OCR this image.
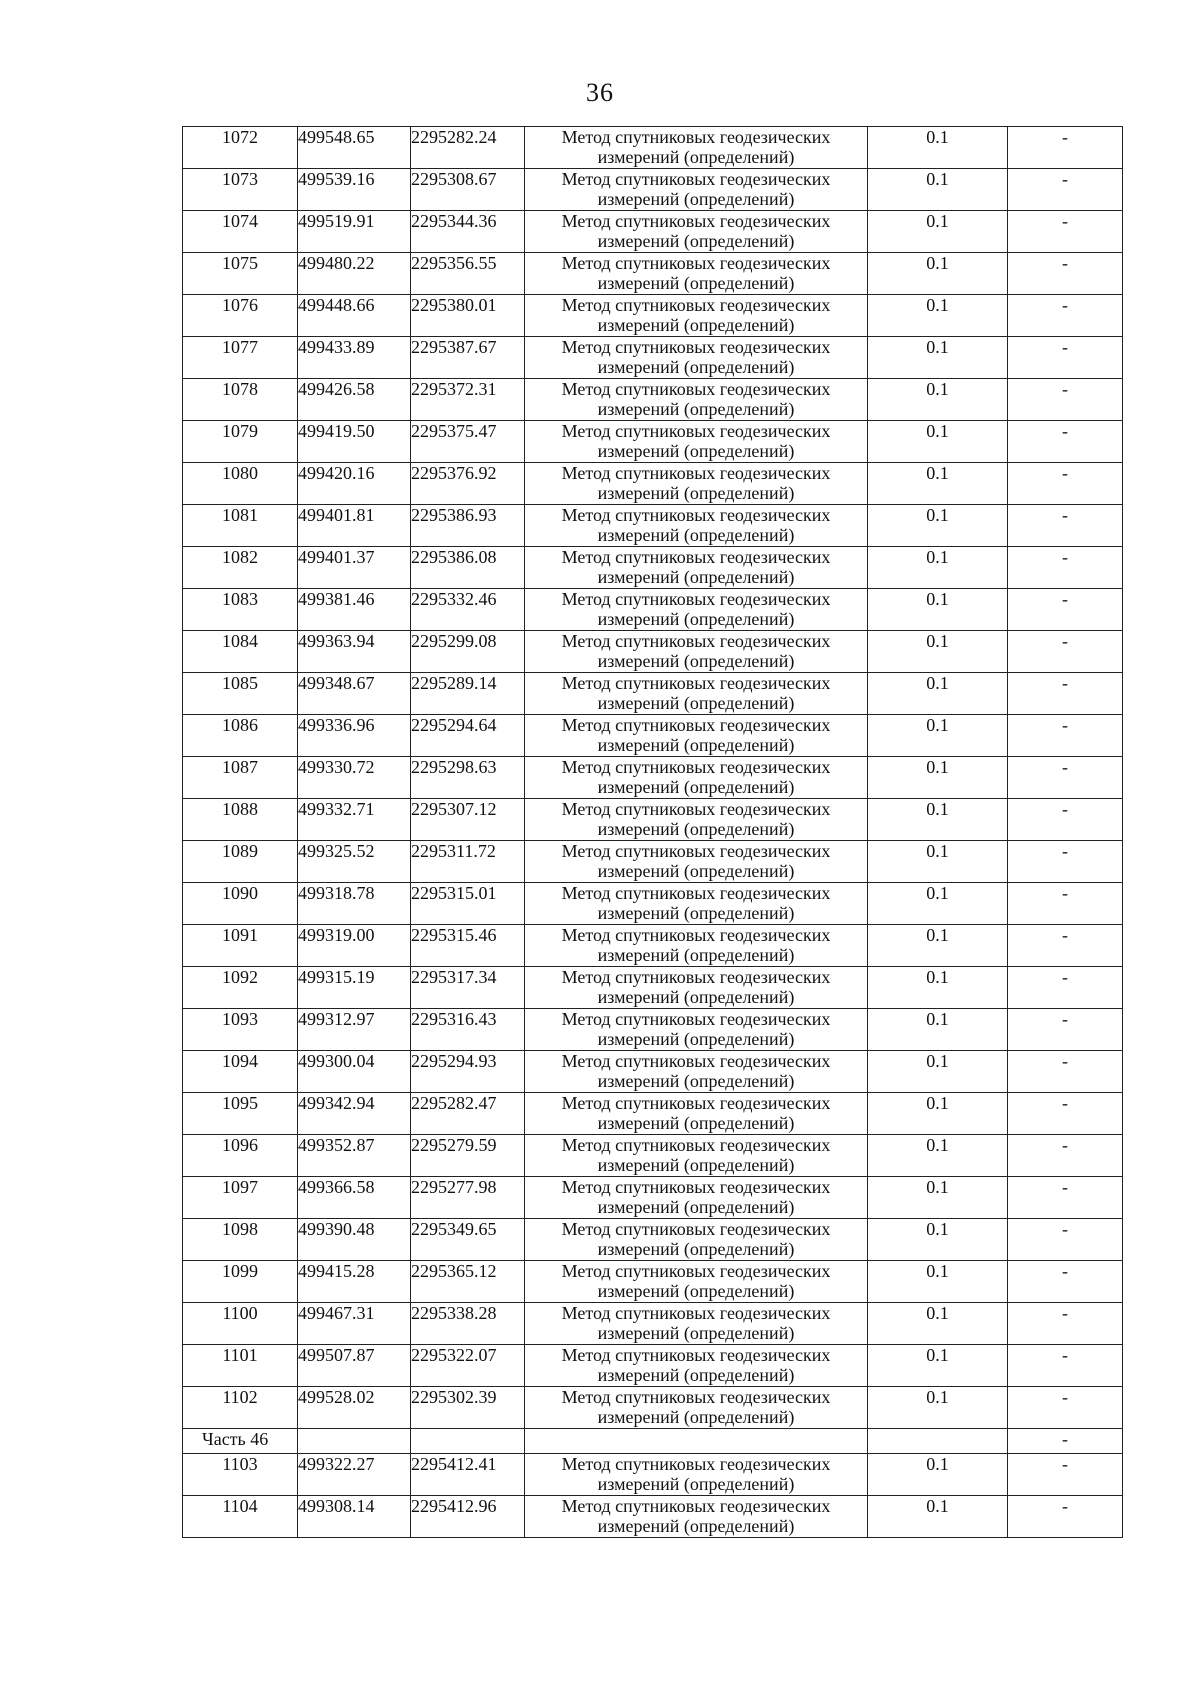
36
1072	499548.65	2295282.24	Метод спутниковых геодезических измерений (определений)	0.1	-
1073	499539.16	2295308.67	Метод спутниковых геодезических измерений (определений)	0.1	-
1074	499519.91	2295344.36	Метод спутниковых геодезических измерений (определений)	0.1	-
1075	499480.22	2295356.55	Метод спутниковых геодезических измерений (определений)	0.1	-
1076	499448.66	2295380.01	Метод спутниковых геодезических измерений (определений)	0.1	-
1077	499433.89	2295387.67	Метод спутниковых геодезических измерений (определений)	0.1	-
1078	499426.58	2295372.31	Метод спутниковых геодезических измерений (определений)	0.1	-
1079	499419.50	2295375.47	Метод спутниковых геодезических измерений (определений)	0.1	-
1080	499420.16	2295376.92	Метод спутниковых геодезических измерений (определений)	0.1	-
1081	499401.81	2295386.93	Метод спутниковых геодезических измерений (определений)	0.1	-
1082	499401.37	2295386.08	Метод спутниковых геодезических измерений (определений)	0.1	-
1083	499381.46	2295332.46	Метод спутниковых геодезических измерений (определений)	0.1	-
1084	499363.94	2295299.08	Метод спутниковых геодезических измерений (определений)	0.1	-
1085	499348.67	2295289.14	Метод спутниковых геодезических измерений (определений)	0.1	-
1086	499336.96	2295294.64	Метод спутниковых геодезических измерений (определений)	0.1	-
1087	499330.72	2295298.63	Метод спутниковых геодезических измерений (определений)	0.1	-
1088	499332.71	2295307.12	Метод спутниковых геодезических измерений (определений)	0.1	-
1089	499325.52	2295311.72	Метод спутниковых геодезических измерений (определений)	0.1	-
1090	499318.78	2295315.01	Метод спутниковых геодезических измерений (определений)	0.1	-
1091	499319.00	2295315.46	Метод спутниковых геодезических измерений (определений)	0.1	-
1092	499315.19	2295317.34	Метод спутниковых геодезических измерений (определений)	0.1	-
1093	499312.97	2295316.43	Метод спутниковых геодезических измерений (определений)	0.1	-
1094	499300.04	2295294.93	Метод спутниковых геодезических измерений (определений)	0.1	-
1095	499342.94	2295282.47	Метод спутниковых геодезических измерений (определений)	0.1	-
1096	499352.87	2295279.59	Метод спутниковых геодезических измерений (определений)	0.1	-
1097	499366.58	2295277.98	Метод спутниковых геодезических измерений (определений)	0.1	-
1098	499390.48	2295349.65	Метод спутниковых геодезических измерений (определений)	0.1	-
1099	499415.28	2295365.12	Метод спутниковых геодезических измерений (определений)	0.1	-
1100	499467.31	2295338.28	Метод спутниковых геодезических измерений (определений)	0.1	-
1101	499507.87	2295322.07	Метод спутниковых геодезических измерений (определений)	0.1	-
1102	499528.02	2295302.39	Метод спутниковых геодезических измерений (определений)	0.1	-
Часть 46					-
1103	499322.27	2295412.41	Метод спутниковых геодезических измерений (определений)	0.1	-
1104	499308.14	2295412.96	Метод спутниковых геодезических измерений (определений)	0.1	-
